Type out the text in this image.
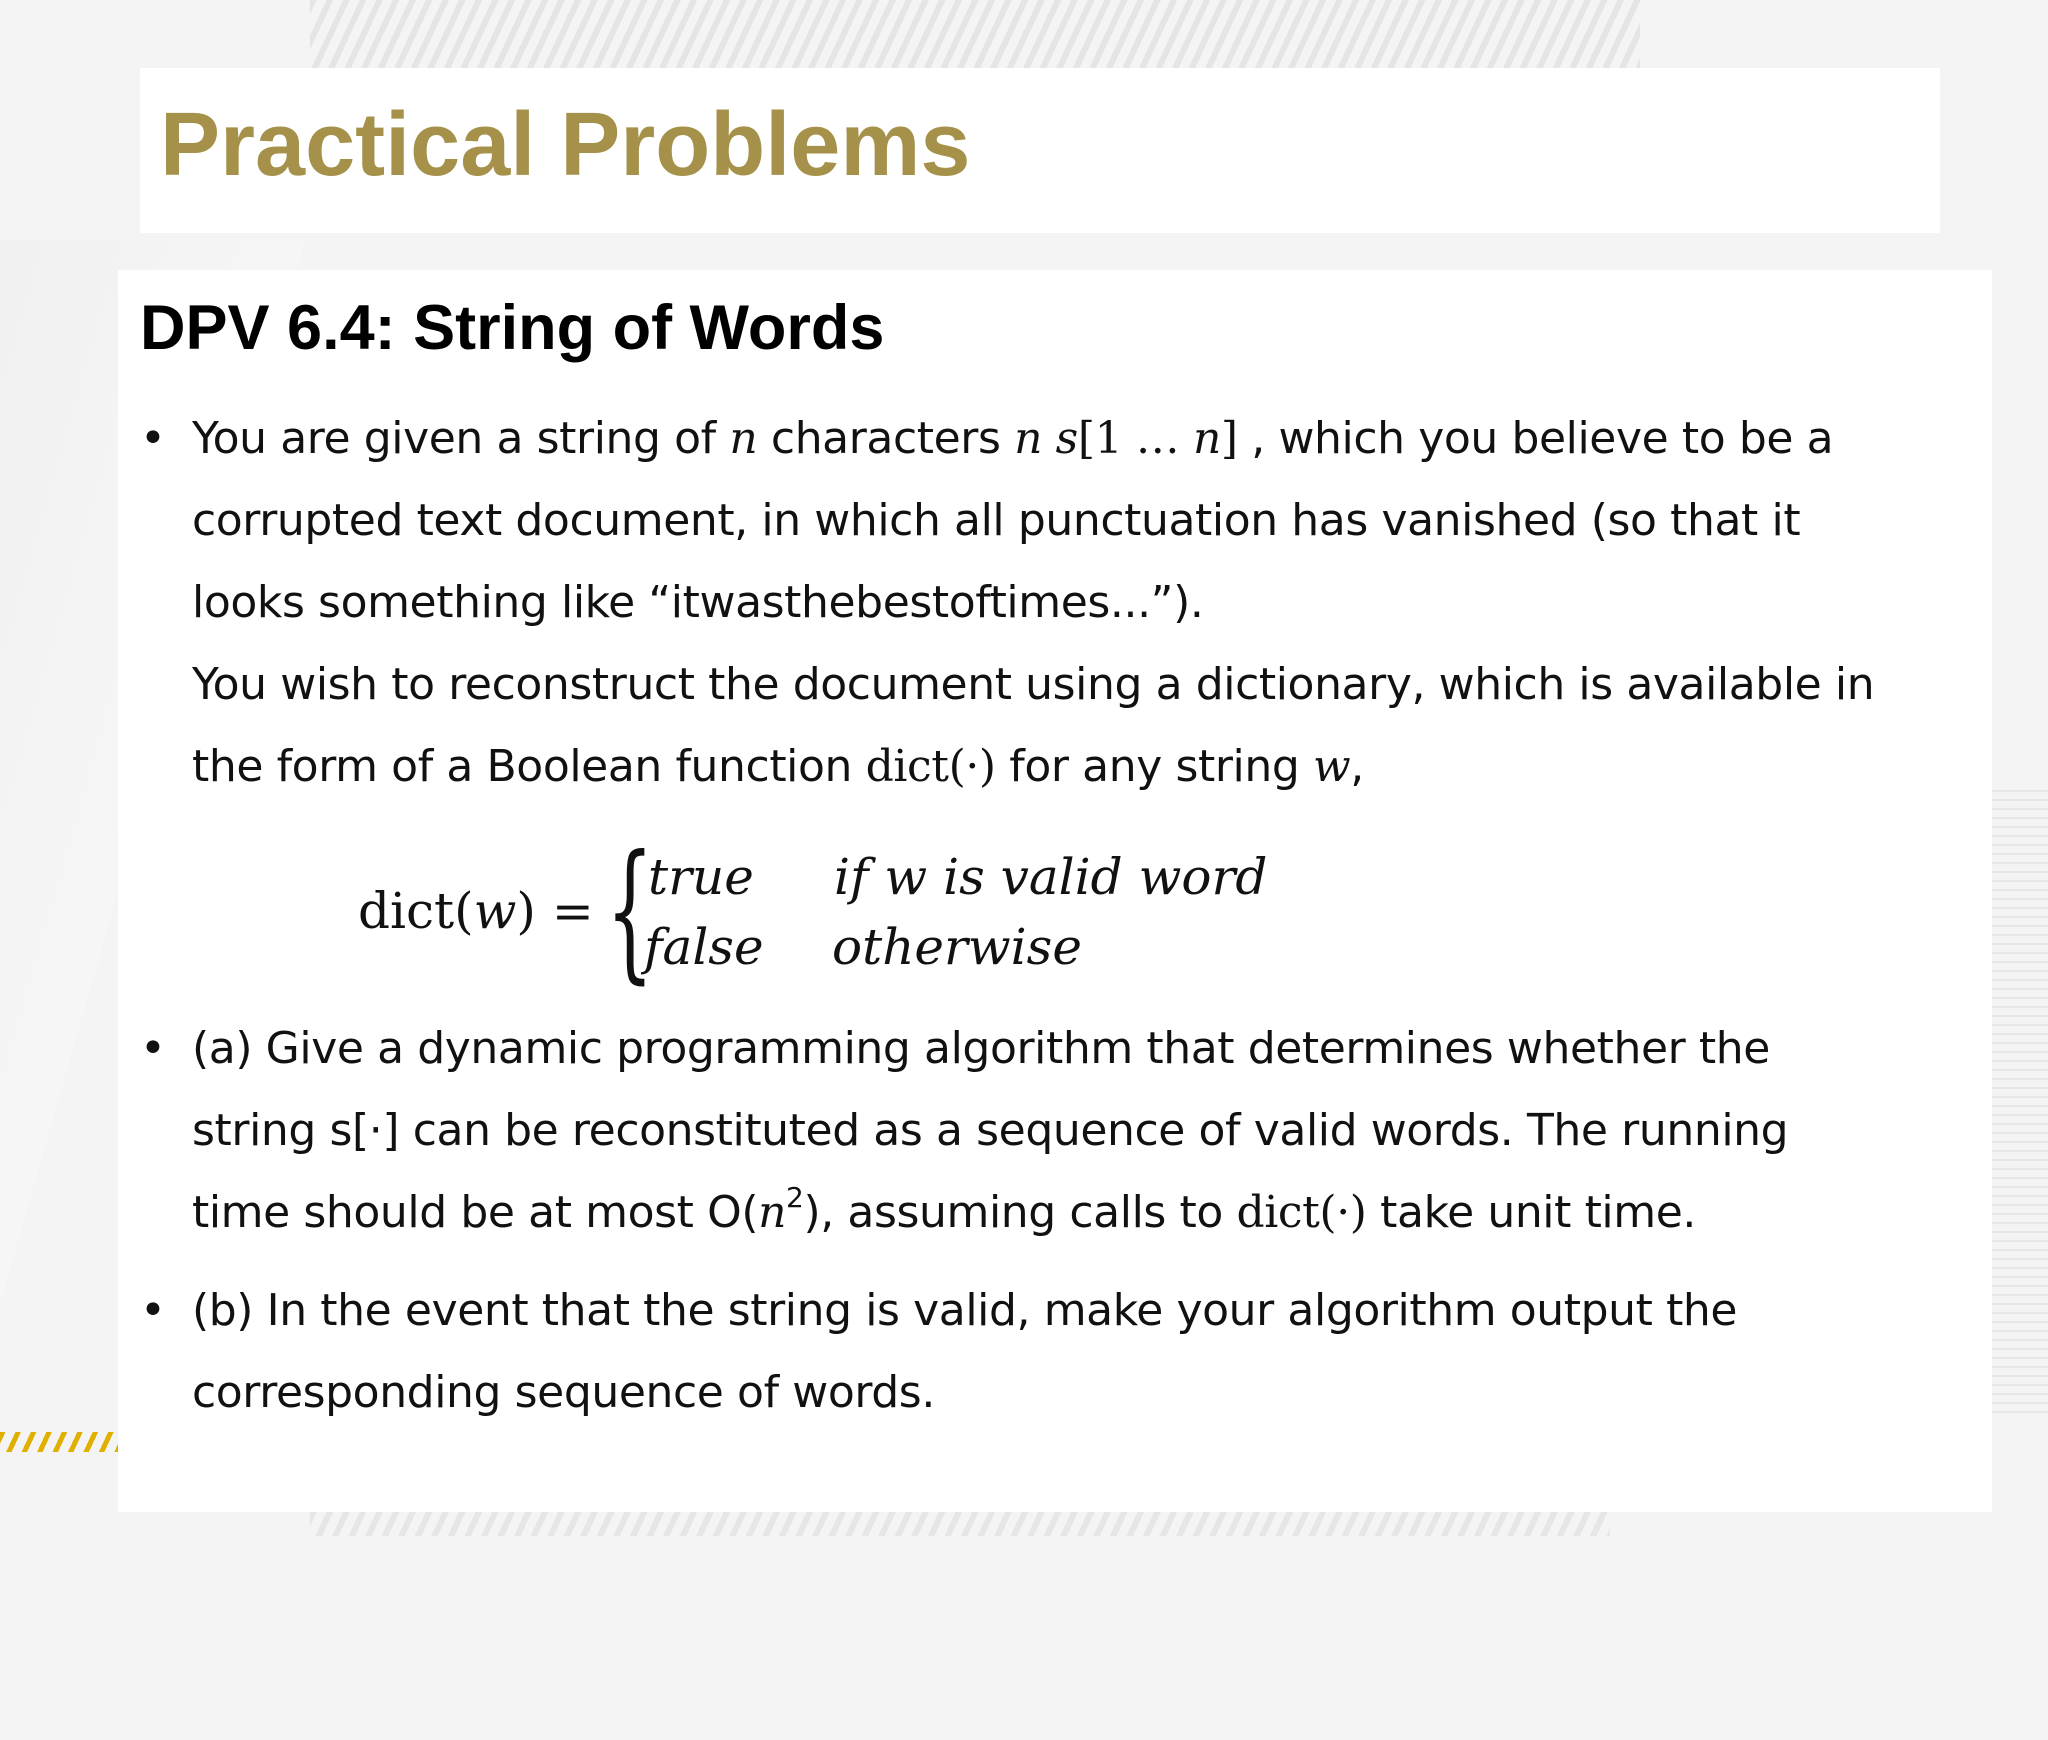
Practical Problems
DPV 6.4: String of Words
• You are given a string of n characters n s[1 … n] , which you believe to be a
corrupted text document, in which all punctuation has vanished (so that it
looks something like “itwasthebestoftimes...”).
You wish to reconstruct the document using a dictionary, which is available in
the form of a Boolean function dict(·) for any string w,
dict(w) = {
true if w is valid word
false otherwise
• (a) Give a dynamic programming algorithm that determines whether the
string s[·] can be reconstituted as a sequence of valid words. The running
time should be at most $O(n^2)$, assuming calls to dict(·) take unit time.
• (b) In the event that the string is valid, make your algorithm output the
corresponding sequence of words.
